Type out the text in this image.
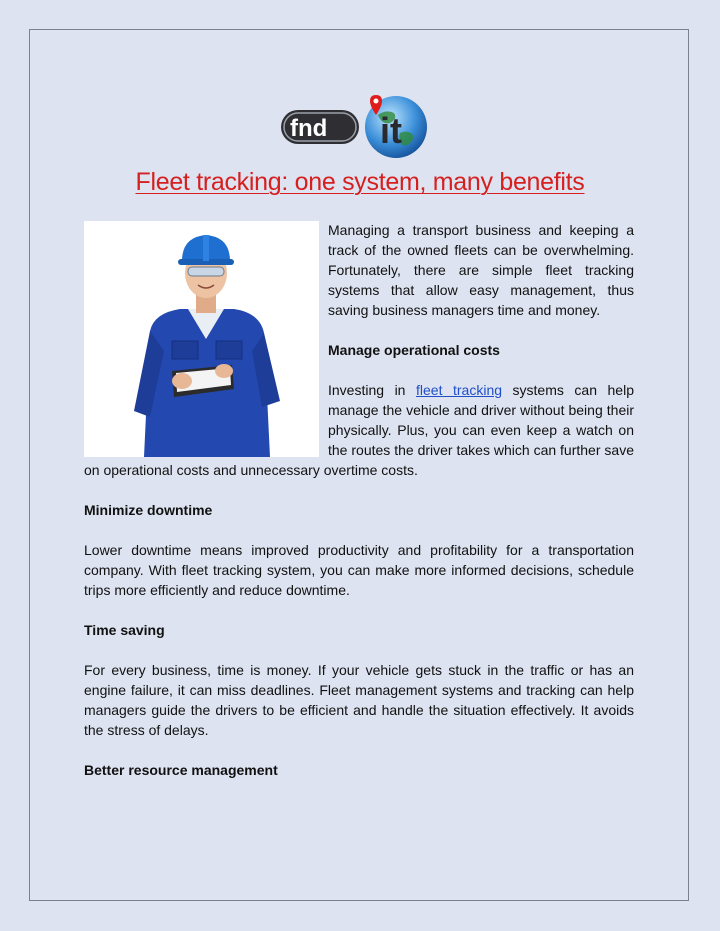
fnd it
Fleet tracking: one system, many benefits

Managing a transport business and keeping a track of the owned fleets can be overwhelming. Fortunately, there are simple fleet tracking systems that allow easy management, thus saving business managers time and money.

Manage operational costs

Investing in fleet tracking systems can help manage the vehicle and driver without being their physically. Plus, you can even keep a watch on the routes the driver takes which can further save on operational costs and unnecessary overtime costs.

Minimize downtime

Lower downtime means improved productivity and profitability for a transportation company. With fleet tracking system, you can make more informed decisions, schedule trips more efficiently and reduce downtime.

Time saving

For every business, time is money. If your vehicle gets stuck in the traffic or has an engine failure, it can miss deadlines. Fleet management systems and tracking can help managers guide the drivers to be efficient and handle the situation effectively. It avoids the stress of delays.

Better resource management
